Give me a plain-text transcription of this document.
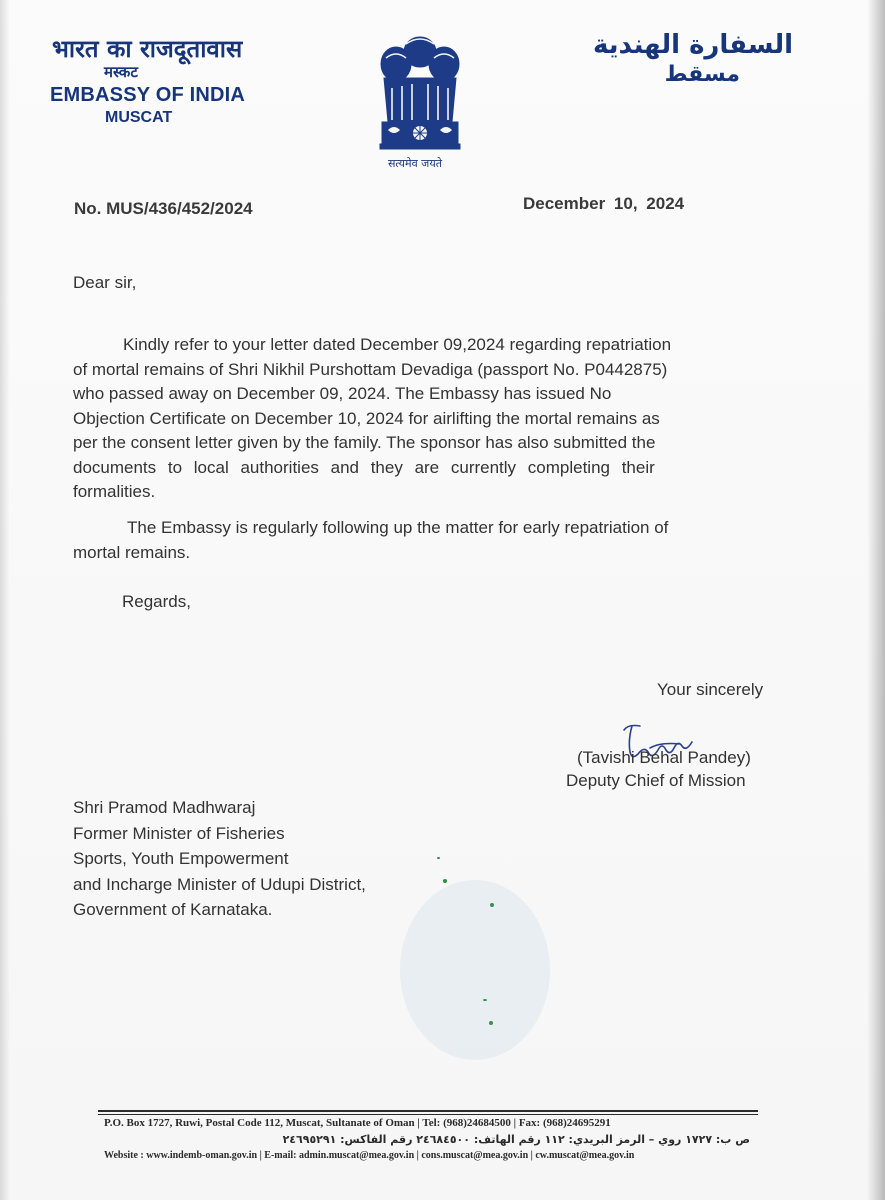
भारत का राजदूतावास
मस्कट
EMBASSY OF INDIA
MUSCAT
السفارة الهندية
مسقط
सत्यमेव जयते
No. MUS/436/452/2024	December 10, 2024
Dear sir,
Kindly refer to your letter dated December 09,2024 regarding repatriation
of mortal remains of Shri Nikhil Purshottam Devadiga (passport No. P0442875)
who passed away on December 09, 2024. The Embassy has issued No
Objection Certificate on December 10, 2024 for airlifting the mortal remains as
per the consent letter given by the family. The sponsor has also submitted the
documents to local authorities and they are currently completing their
formalities.
The Embassy is regularly following up the matter for early repatriation of
mortal remains.
Regards,
Your sincerely
(Tavishi Behal Pandey)
Deputy Chief of Mission
Shri Pramod Madhwaraj
Former Minister of Fisheries
Sports, Youth Empowerment
and Incharge Minister of Udupi District,
Government of Karnataka.
P.O. Box 1727, Ruwi, Postal Code 112, Muscat, Sultanate of Oman | Tel: (968)24684500 | Fax: (968)24695291
ص ب: ١٧٢٧ روي – الرمز البريدي: ١١٢ رقم الهاتف: ٢٤٦٨٤٥٠٠ رقم الفاكس: ٢٤٦٩٥٢٩١
Website : www.indemb-oman.gov.in | E-mail: admin.muscat@mea.gov.in | cons.muscat@mea.gov.in | cw.muscat@mea.gov.in
